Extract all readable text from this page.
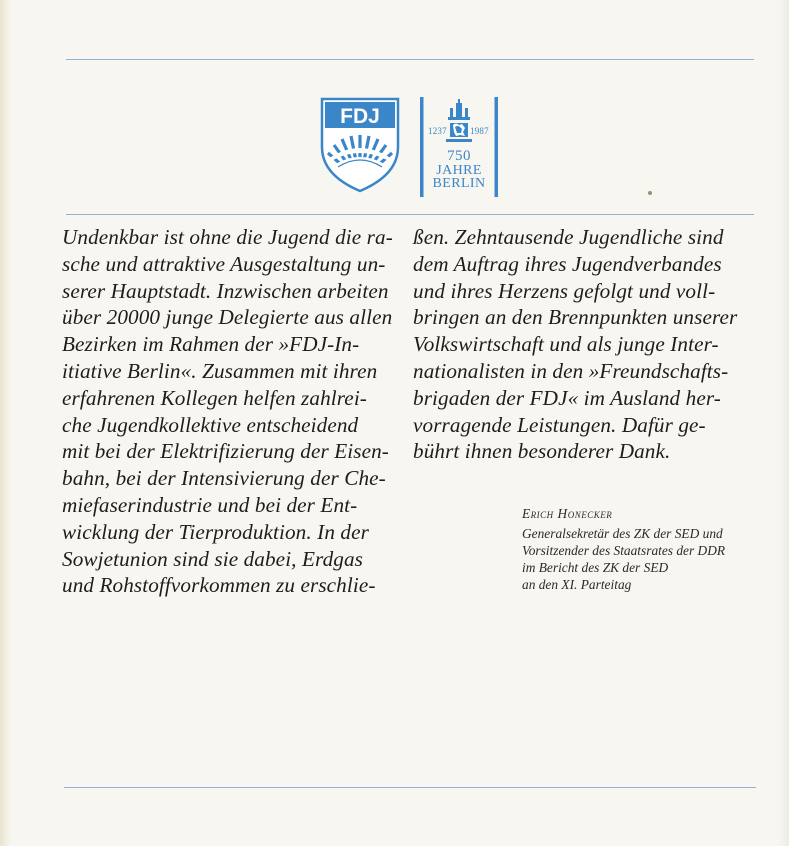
FDJ
1237	1987
750
JAHRE
BERLIN
Undenkbar ist ohne die Jugend die ra-
sche und attraktive Ausgestaltung un-
serer Hauptstadt. Inzwischen arbeiten
über 20000 junge Delegierte aus allen
Bezirken im Rahmen der »FDJ-In-
itiative Berlin«. Zusammen mit ihren
erfahrenen Kollegen helfen zahlrei-
che Jugendkollektive entscheidend
mit bei der Elektrifizierung der Eisen-
bahn, bei der Intensivierung der Che-
miefaserindustrie und bei der Ent-
wicklung der Tierproduktion. In der
Sowjetunion sind sie dabei, Erdgas
und Rohstoffvorkommen zu erschlie-
ßen. Zehntausende Jugendliche sind
dem Auftrag ihres Jugendverbandes
und ihres Herzens gefolgt und voll-
bringen an den Brennpunkten unserer
Volkswirtschaft und als junge Inter-
nationalisten in den »Freundschafts-
brigaden der FDJ« im Ausland her-
vorragende Leistungen. Dafür ge-
bührt ihnen besonderer Dank.
Erich Honecker
Generalsekretär des ZK der SED und
Vorsitzender des Staatsrates der DDR
im Bericht des ZK der SED
an den XI. Parteitag
